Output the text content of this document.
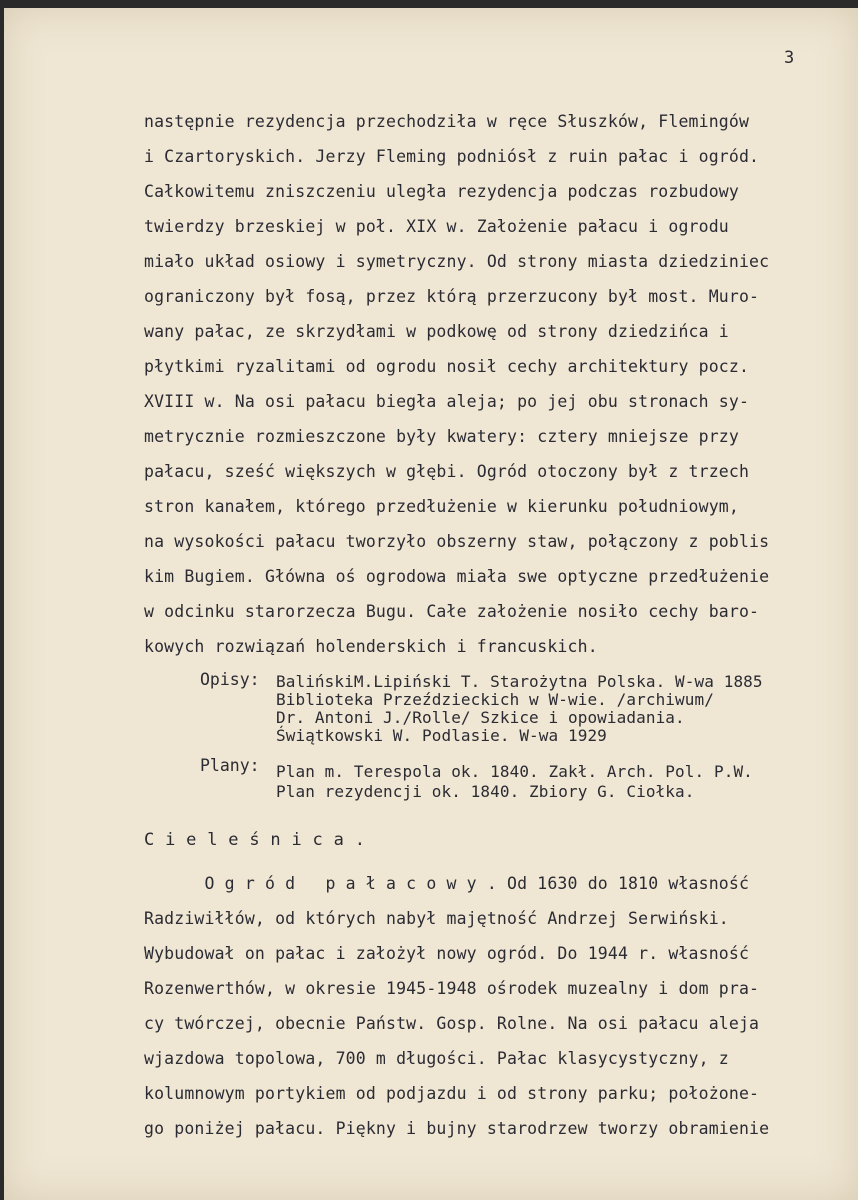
3
następnie rezydencja przechodziła w ręce Słuszków, Flemingów
i Czartoryskich. Jerzy Fleming podniósł z ruin pałac i ogród.
Całkowitemu zniszczeniu uległa rezydencja podczas rozbudowy
twierdzy brzeskiej w poł. XIX w. Założenie pałacu i ogrodu
miało układ osiowy i symetryczny. Od strony miasta dziedziniec
ograniczony był fosą, przez którą przerzucony był most. Muro-
wany pałac, ze skrzydłami w podkowę od strony dziedzińca i
płytkimi ryzalitami od ogrodu nosił cechy architektury pocz.
XVIII w. Na osi pałacu biegła aleja; po jej obu stronach sy-
metrycznie rozmieszczone były kwatery: cztery mniejsze przy
pałacu, sześć większych w głębi. Ogród otoczony był z trzech
stron kanałem, którego przedłużenie w kierunku południowym,
na wysokości pałacu tworzyło obszerny staw, połączony z poblis
kim Bugiem. Główna oś ogrodowa miała swe optyczne przedłużenie
w odcinku starorzecza Bugu. Całe założenie nosiło cechy baro-
kowych rozwiązań holenderskich i francuskich.
Opisy: BalińskiM.Lipiński T. Starożytna Polska. W-wa 1885
Biblioteka Przeździeckich w W-wie. /archiwum/
Dr. Antoni J./Rolle/ Szkice i opowiadania.
Świątkowski W. Podlasie. W-wa 1929
Plany: Plan m. Terespola ok. 1840. Zakł. Arch. Pol. P.W.
Plan rezydencji ok. 1840. Zbiory G. Ciołka.
C i e l e ś n i c a .
O g r ó d   p a ł a c o w y . Od 1630 do 1810 własność
Radziwiłłów, od których nabył majętność Andrzej Serwiński.
Wybudował on pałac i założył nowy ogród. Do 1944 r. własność
Rozenwerthów, w okresie 1945-1948 ośrodek muzealny i dom pra-
cy twórczej, obecnie Państw. Gosp. Rolne. Na osi pałacu aleja
wjazdowa topolowa, 700 m długości. Pałac klasycystyczny, z
kolumnowym portykiem od podjazdu i od strony parku; położone-
go poniżej pałacu. Piękny i bujny starodrzew tworzy obramienie
